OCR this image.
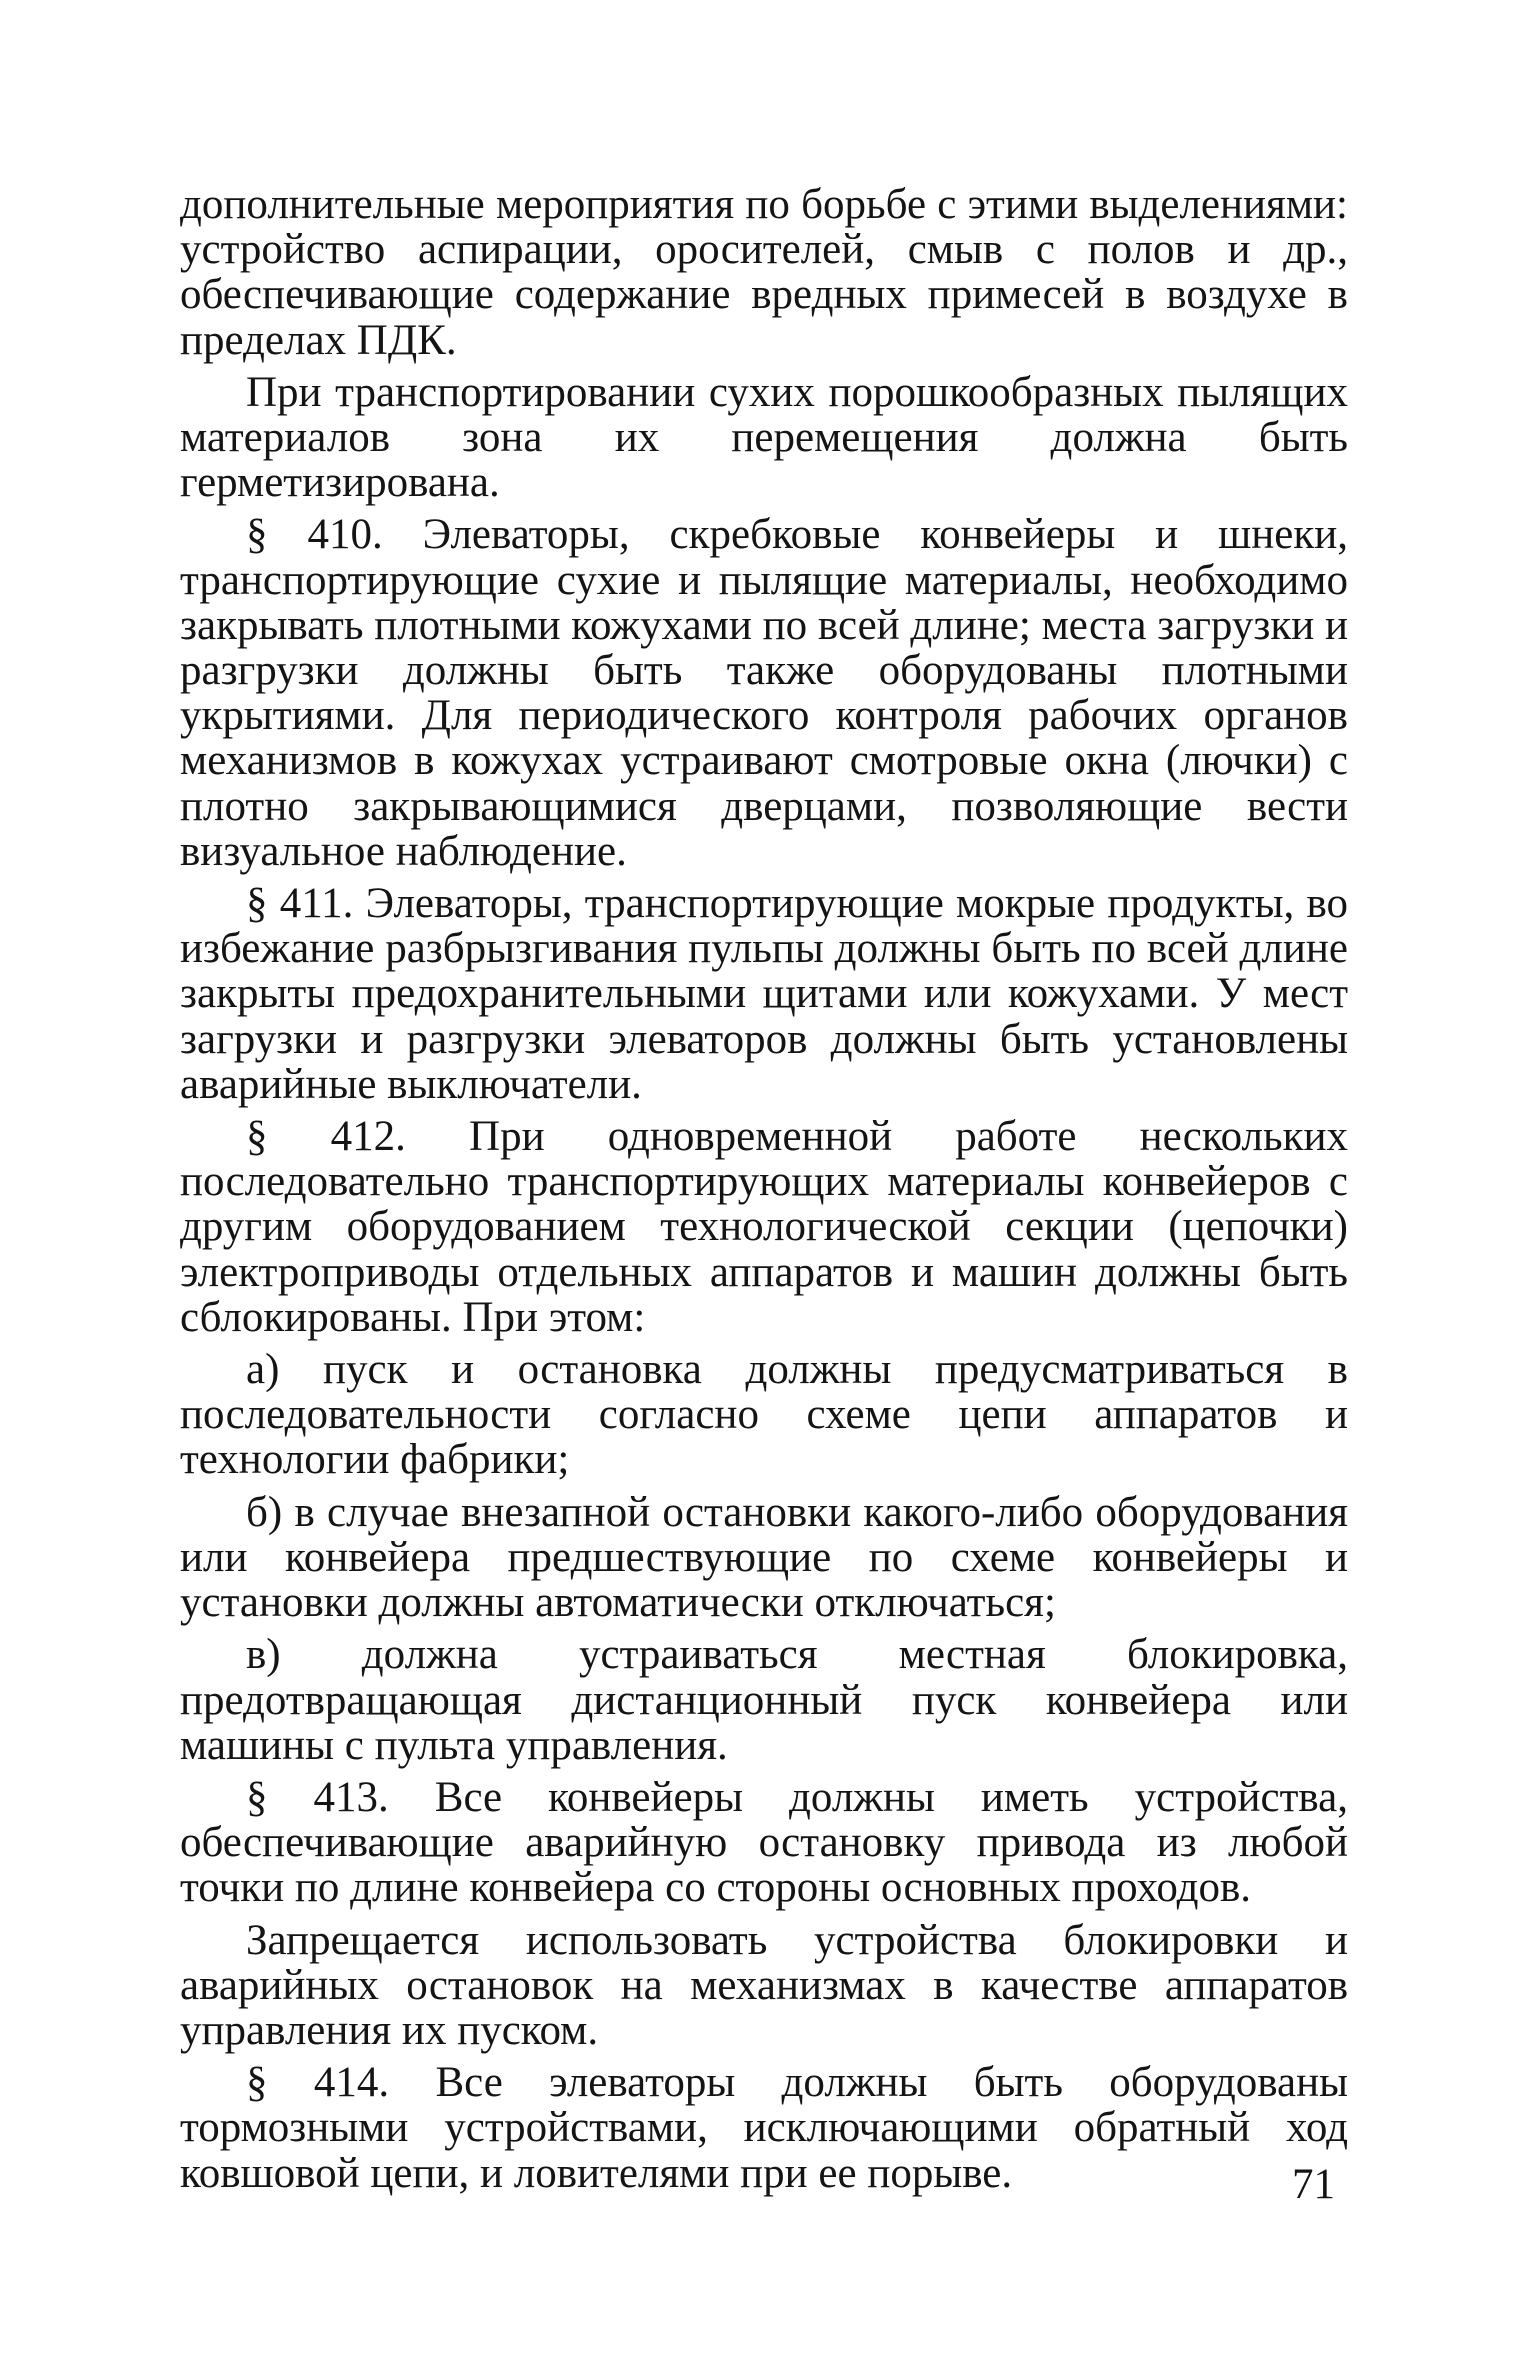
дополнительные мероприятия по борьбе с этими выделениями: устройство аспирации, оросителей, смыв с полов и др., обеспечивающие содержание вредных примесей в воздухе в пределах ПДК.

При транспортировании сухих порошкообразных пылящих материалов зона их перемещения должна быть герметизирована.

§ 410. Элеваторы, скребковые конвейеры и шнеки, транспортирующие сухие и пылящие материалы, необходимо закрывать плотными кожухами по всей длине; места загрузки и разгрузки должны быть также оборудованы плотными укрытиями. Для периодического контроля рабочих органов механизмов в кожухах устраивают смотровые окна (лючки) с плотно закрывающимися дверцами, позволяющие вести визуальное наблюдение.

§ 411. Элеваторы, транспортирующие мокрые продукты, во избежание разбрызгивания пульпы должны быть по всей длине закрыты предохранительными щитами или кожухами. У мест загрузки и разгрузки элеваторов должны быть установлены аварийные выключатели.

§ 412. При одновременной работе нескольких последовательно транспортирующих материалы конвейеров с другим оборудованием технологической секции (цепочки) электроприводы отдельных аппаратов и машин должны быть сблокированы. При этом:

а) пуск и остановка должны предусматриваться в последовательности согласно схеме цепи аппаратов и технологии фабрики;

б) в случае внезапной остановки какого-либо оборудования или конвейера предшествующие по схеме конвейеры и установки должны автоматически отключаться;

в) должна устраиваться местная блокировка, предотвращающая дистанционный пуск конвейера или машины с пульта управления.

§ 413. Все конвейеры должны иметь устройства, обеспечивающие аварийную остановку привода из любой точки по длине конвейера со стороны основных проходов.

Запрещается использовать устройства блокировки и аварийных остановок на механизмах в качестве аппаратов управления их пуском.

§ 414. Все элеваторы должны быть оборудованы тормозными устройствами, исключающими обратный ход ковшовой цепи, и ловителями при ее порыве.	71
